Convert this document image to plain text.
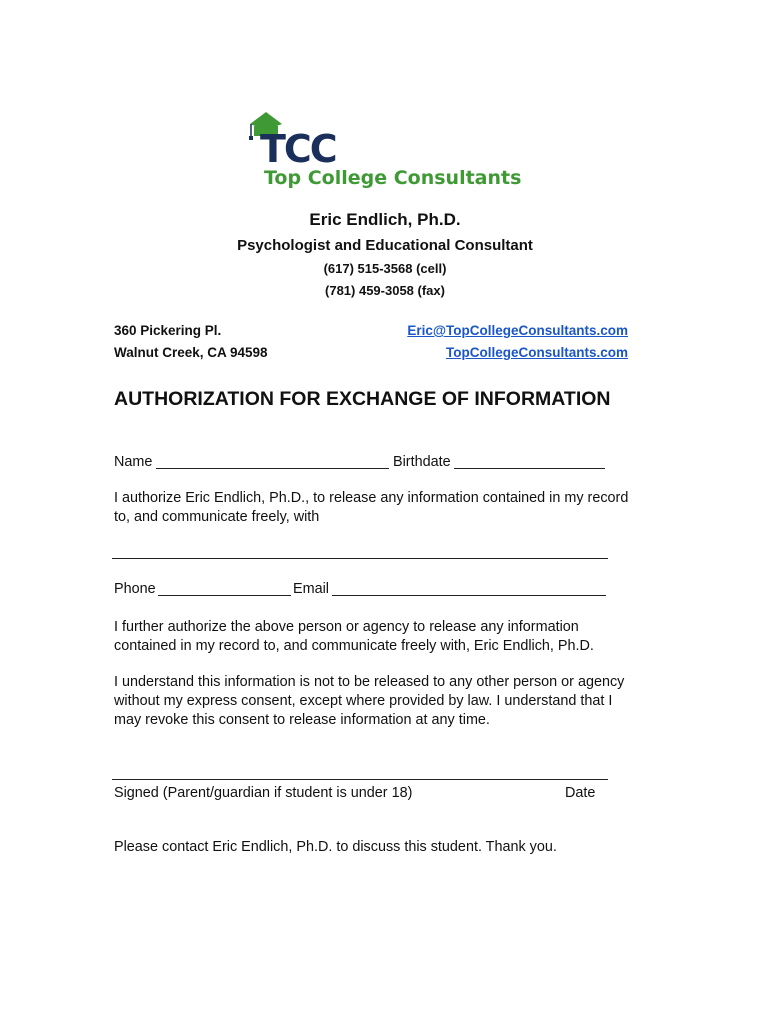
TCC
Top College Consultants
Eric Endlich, Ph.D.
Psychologist and Educational Consultant
(617) 515-3568 (cell)
(781) 459-3058 (fax)
360 Pickering Pl.
Walnut Creek, CA 94598
Eric@TopCollegeConsultants.com
TopCollegeConsultants.com
AUTHORIZATION FOR EXCHANGE OF INFORMATION
Name	Birthdate
I authorize Eric Endlich, Ph.D., to release any information contained in my record to, and communicate freely, with
Phone	Email
I further authorize the above person or agency to release any information contained in my record to, and communicate freely with, Eric Endlich, Ph.D.
I understand this information is not to be released to any other person or agency without my express consent, except where provided by law. I understand that I may revoke this consent to release information at any time.
Signed (Parent/guardian if student is under 18)	Date
Please contact Eric Endlich, Ph.D. to discuss this student. Thank you.
